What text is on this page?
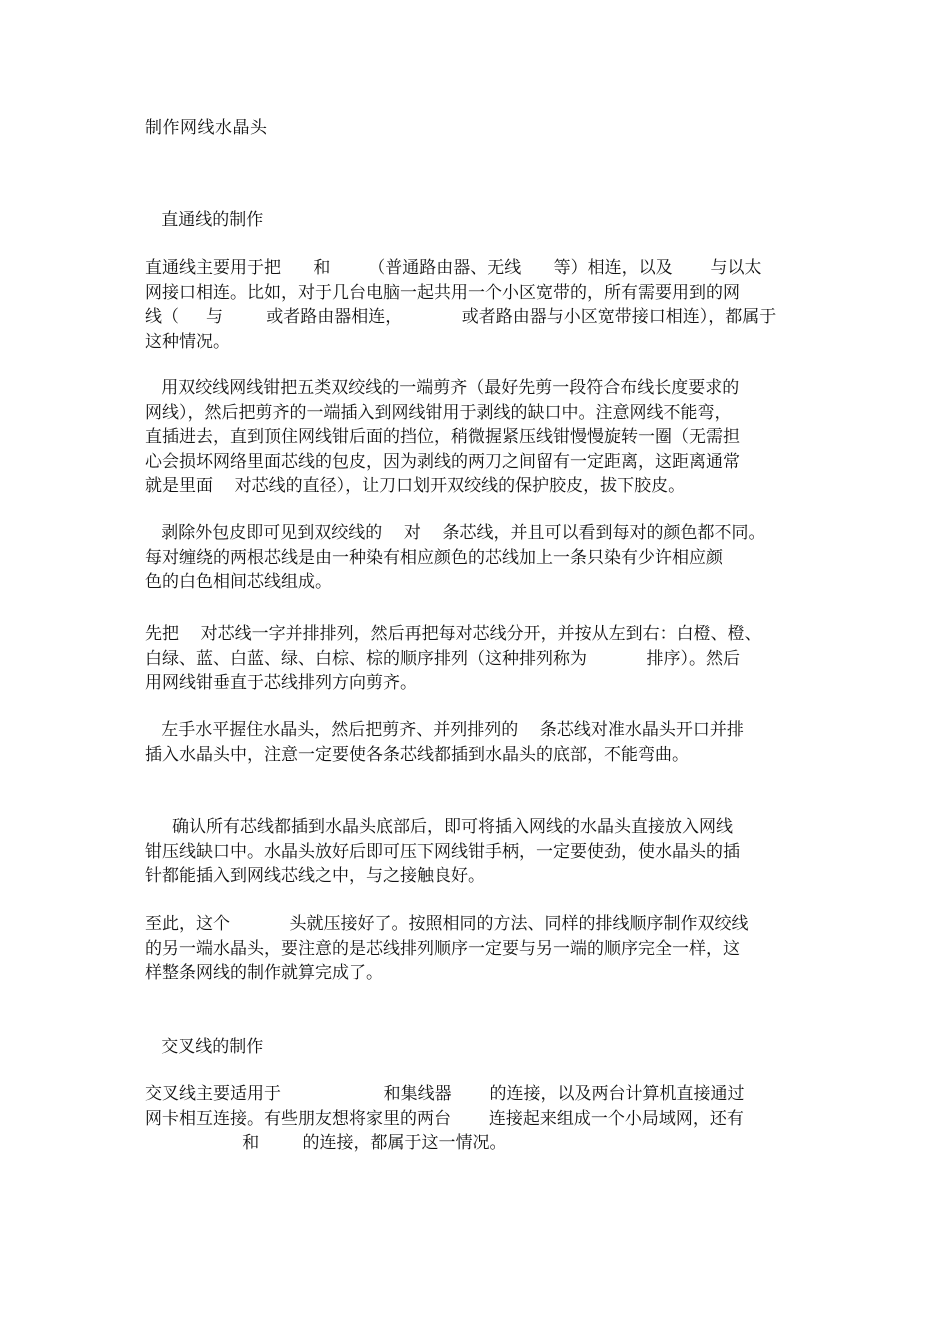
制作网线水晶头
直通线的制作
直通线主要用于把      和       （普通路由器、无线      等）相连，以及       与以太
网接口相连。比如，对于几台电脑一起共用一个小区宽带的，所有需要用到的网
线（     与        或者路由器相连，           或者路由器与小区宽带接口相连），都属于
这种情况。
用双绞线网线钳把五类双绞线的一端剪齐（最好先剪一段符合布线长度要求的
网线），然后把剪齐的一端插入到网线钳用于剥线的缺口中。注意网线不能弯，
直插进去，直到顶住网线钳后面的挡位，稍微握紧压线钳慢慢旋转一圈（无需担
心会损坏网络里面芯线的包皮，因为剥线的两刀之间留有一定距离，这距离通常
就是里面    对芯线的直径），让刀口划开双绞线的保护胶皮，拔下胶皮。
剥除外包皮即可见到双绞线的    对    条芯线，并且可以看到每对的颜色都不同。
每对缠绕的两根芯线是由一种染有相应颜色的芯线加上一条只染有少许相应颜
色的白色相间芯线组成。
先把    对芯线一字并排排列，然后再把每对芯线分开，并按从左到右：白橙、橙、
白绿、蓝、白蓝、绿、白棕、棕的顺序排列（这种排列称为           排序）。然后
用网线钳垂直于芯线排列方向剪齐。
左手水平握住水晶头，然后把剪齐、并列排列的    条芯线对准水晶头开口并排
插入水晶头中，注意一定要使各条芯线都插到水晶头的底部，不能弯曲。
确认所有芯线都插到水晶头底部后，即可将插入网线的水晶头直接放入网线
钳压线缺口中。水晶头放好后即可压下网线钳手柄，一定要使劲，使水晶头的插
针都能插入到网线芯线之中，与之接触良好。
至此，这个           头就压接好了。按照相同的方法、同样的排线顺序制作双绞线
的另一端水晶头，要注意的是芯线排列顺序一定要与另一端的顺序完全一样，这
样整条网线的制作就算完成了。
交叉线的制作
交叉线主要适用于                   和集线器       的连接，以及两台计算机直接通过
网卡相互连接。有些朋友想将家里的两台       连接起来组成一个小局域网，还有
和        的连接，都属于这一情况。
